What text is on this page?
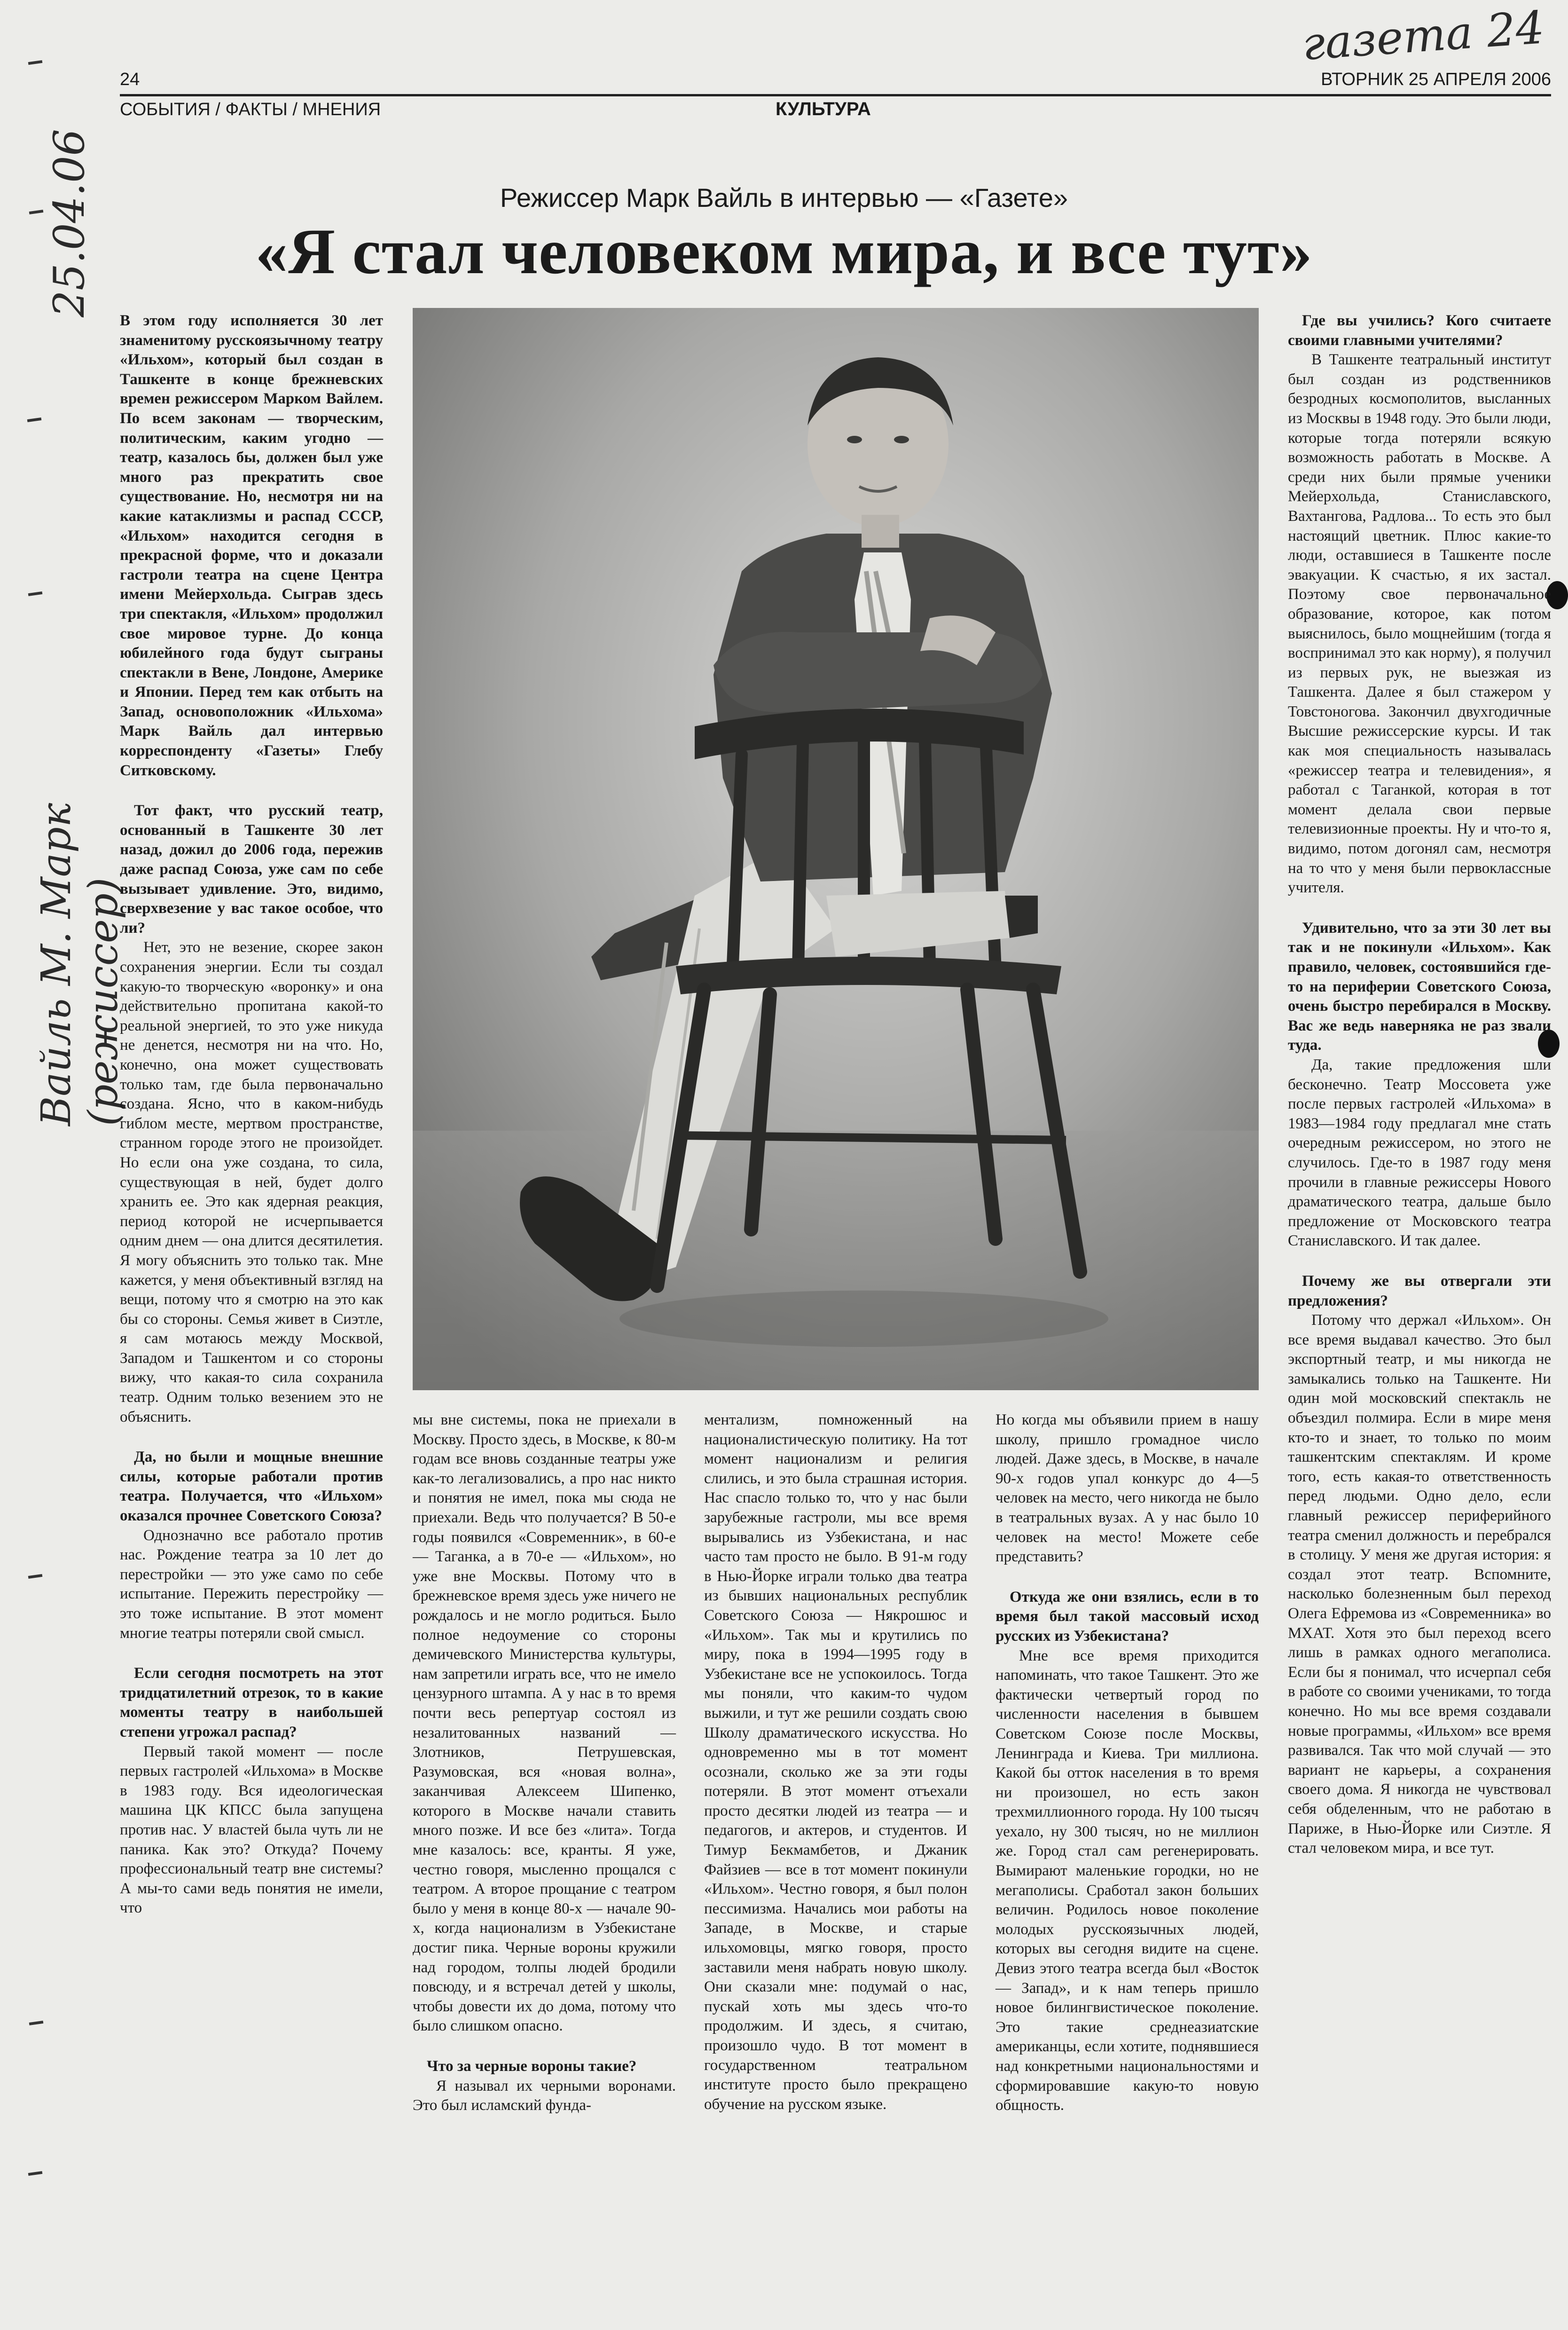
газета 24
25.04.06
Вайль М. Марк (режиссер)
24	ВТОРНИК 25 АПРЕЛЯ 2006
СОБЫТИЯ / ФАКТЫ / МНЕНИЯ	КУЛЬТУРА
Режиссер Марк Вайль в интервью — «Газете»
«Я стал человеком мира, и все тут»

В этом году исполняется 30 лет знаменитому русскоязычному театру «Ильхом», который был создан в Ташкенте в конце брежневских времен режиссером Марком Вайлем. По всем законам — творческим, политическим, каким угодно — театр, казалось бы, должен был уже много раз прекратить свое существование. Но, несмотря ни на какие катаклизмы и распад СССР, «Ильхом» находится сегодня в прекрасной форме, что и доказали гастроли театра на сцене Центра имени Мейерхольда. Сыграв здесь три спектакля, «Ильхом» продолжил свое мировое турне. До конца юбилейного года будут сыграны спектакли в Вене, Лондоне, Америке и Японии. Перед тем как отбыть на Запад, основоположник «Ильхома» Марк Вайль дал интервью корреспонденту «Газеты» Глебу Ситковскому.

Тот факт, что русский театр, основанный в Ташкенте 30 лет назад, дожил до 2006 года, пережив даже распад Союза, уже сам по себе вызывает удивление. Это, видимо, сверхвезение у вас такое особое, что ли?

Нет, это не везение, скорее закон сохранения энергии. Если ты создал какую-то творческую «воронку» и она действительно пропитана какой-то реальной энергией, то это уже никуда не денется, несмотря ни на что. Но, конечно, она может существовать только там, где была первоначально создана. Ясно, что в каком-нибудь гиблом месте, мертвом пространстве, странном городе этого не произойдет. Но если она уже создана, то сила, существующая в ней, будет долго хранить ее. Это как ядерная реакция, период которой не исчерпывается одним днем — она длится десятилетия. Я могу объяснить это только так. Мне кажется, у меня объективный взгляд на вещи, потому что я смотрю на это как бы со стороны. Семья живет в Сиэтле, я сам мотаюсь между Москвой, Западом и Ташкентом и со стороны вижу, что какая-то сила сохранила театр. Одним только везением это не объяснить.

Да, но были и мощные внешние силы, которые работали против театра. Получается, что «Ильхом» оказался прочнее Советского Союза?

Однозначно все работало против нас. Рождение театра за 10 лет до перестройки — это уже само по себе испытание. Пережить перестройку — это тоже испытание. В этот момент многие театры потеряли свой смысл.

Если сегодня посмотреть на этот тридцатилетний отрезок, то в какие моменты театру в наибольшей степени угрожал распад?

Первый такой момент — после первых гастролей «Ильхома» в Москве в 1983 году. Вся идеологическая машина ЦК КПСС была запущена против нас. У властей была чуть ли не паника. Как это? Откуда? Почему профессиональный театр вне системы? А мы-то сами ведь понятия не имели, что

мы вне системы, пока не приехали в Москву. Просто здесь, в Москве, к 80-м годам все вновь созданные театры уже как-то легализовались, а про нас никто и понятия не имел, пока мы сюда не приехали. Ведь что получается? В 50-е годы появился «Современник», в 60-е — Таганка, а в 70-е — «Ильхом», но уже вне Москвы. Потому что в брежневское время здесь уже ничего не рождалось и не могло родиться. Было полное недоумение со стороны демичевского Министерства культуры, нам запретили играть все, что не имело цензурного штампа. А у нас в то время почти весь репертуар состоял из незалитованных названий — Злотников, Петрушевская, Разумовская, вся «новая волна», заканчивая Алексеем Шипенко, которого в Москве начали ставить много позже. И все без «лита». Тогда мне казалось: все, кранты. Я уже, честно говоря, мысленно прощался с театром. А второе прощание с театром было у меня в конце 80-х — начале 90-х, когда национализм в Узбекистане достиг пика. Черные вороны кружили над городом, толпы людей бродили повсюду, и я встречал детей у школы, чтобы довести их до дома, потому что было слишком опасно.

Что за черные вороны такие?

Я называл их черными воронами. Это был исламский фунда-

ментализм, помноженный на националистическую политику. На тот момент национализм и религия слились, и это была страшная история. Нас спасло только то, что у нас были зарубежные гастроли, мы все время вырывались из Узбекистана, и нас часто там просто не было. В 91-м году в Нью-Йорке играли только два театра из бывших национальных республик Советского Союза — Някрошюс и «Ильхом». Так мы и крутились по миру, пока в 1994—1995 году в Узбекистане все не успокоилось. Тогда мы поняли, что каким-то чудом выжили, и тут же решили создать свою Школу драматического искусства. Но одновременно мы в тот момент осознали, сколько же за эти годы потеряли. В этот момент отъехали просто десятки людей из театра — и педагогов, и актеров, и студентов. И Тимур Бекмамбетов, и Джаник Файзиев — все в тот момент покинули «Ильхом». Честно говоря, я был полон пессимизма. Начались мои работы на Западе, в Москве, и старые ильхомовцы, мягко говоря, просто заставили меня набрать новую школу. Они сказали мне: подумай о нас, пускай хоть мы здесь что-то продолжим. И здесь, я считаю, произошло чудо. В тот момент в государственном театральном институте просто было прекращено обучение на русском языке.

Но когда мы объявили прием в нашу школу, пришло громадное число людей. Даже здесь, в Москве, в начале 90-х годов упал конкурс до 4—5 человек на место, чего никогда не было в театральных вузах. А у нас было 10 человек на место! Можете себе представить?

Откуда же они взялись, если в то время был такой массовый исход русских из Узбекистана?

Мне все время приходится напоминать, что такое Ташкент. Это же фактически четвертый город по численности населения в бывшем Советском Союзе после Москвы, Ленинграда и Киева. Три миллиона. Какой бы отток населения в то время ни произошел, но есть закон трехмиллионного города. Ну 100 тысяч уехало, ну 300 тысяч, но не миллион же. Город стал сам регенерировать. Вымирают маленькие городки, но не мегаполисы. Сработал закон больших величин. Родилось новое поколение молодых русскоязычных людей, которых вы сегодня видите на сцене. Девиз этого театра всегда был «Восток — Запад», и к нам теперь пришло новое билингвистическое поколение. Это такие среднеазиатские американцы, если хотите, поднявшиеся над конкретными национальностями и сформировавшие какую-то новую общность.

Где вы учились? Кого считаете своими главными учителями?

В Ташкенте театральный институт был создан из родственников безродных космополитов, высланных из Москвы в 1948 году. Это были люди, которые тогда потеряли всякую возможность работать в Москве. А среди них были прямые ученики Мейерхольда, Станиславского, Вахтангова, Радлова... То есть это был настоящий цветник. Плюс какие-то люди, оставшиеся в Ташкенте после эвакуации. К счастью, я их застал. Поэтому свое первоначальное образование, которое, как потом выяснилось, было мощнейшим (тогда я воспринимал это как норму), я получил из первых рук, не выезжая из Ташкента. Далее я был стажером у Товстоногова. Закончил двухгодичные Высшие режиссерские курсы. И так как моя специальность называлась «режиссер театра и телевидения», я работал с Таганкой, которая в тот момент делала свои первые телевизионные проекты. Ну и что-то я, видимо, потом догонял сам, несмотря на то что у меня были первоклассные учителя.

Удивительно, что за эти 30 лет вы так и не покинули «Ильхом». Как правило, человек, состоявшийся где-то на периферии Советского Союза, очень быстро перебирался в Москву. Вас же ведь наверняка не раз звали туда.

Да, такие предложения шли бесконечно. Театр Моссовета уже после первых гастролей «Ильхома» в 1983—1984 году предлагал мне стать очередным режиссером, но этого не случилось. Где-то в 1987 году меня прочили в главные режиссеры Нового драматического театра, дальше было предложение от Московского театра Станиславского. И так далее.

Почему же вы отвергали эти предложения?

Потому что держал «Ильхом». Он все время выдавал качество. Это был экспортный театр, и мы никогда не замыкались только на Ташкенте. Ни один мой московский спектакль не объездил полмира. Если в мире меня кто-то и знает, то только по моим ташкентским спектаклям. И кроме того, есть какая-то ответственность перед людьми. Одно дело, если главный режиссер периферийного театра сменил должность и перебрался в столицу. У меня же другая история: я создал этот театр. Вспомните, насколько болезненным был переход Олега Ефремова из «Современника» во МХАТ. Хотя это был переход всего лишь в рамках одного мегаполиса. Если бы я понимал, что исчерпал себя в работе со своими учениками, то тогда конечно. Но мы все время создавали новые программы, «Ильхом» все время развивался. Так что мой случай — это вариант не карьеры, а сохранения своего дома. Я никогда не чувствовал себя обделенным, что не работаю в Париже, в Нью-Йорке или Сиэтле. Я стал человеком мира, и все тут.
